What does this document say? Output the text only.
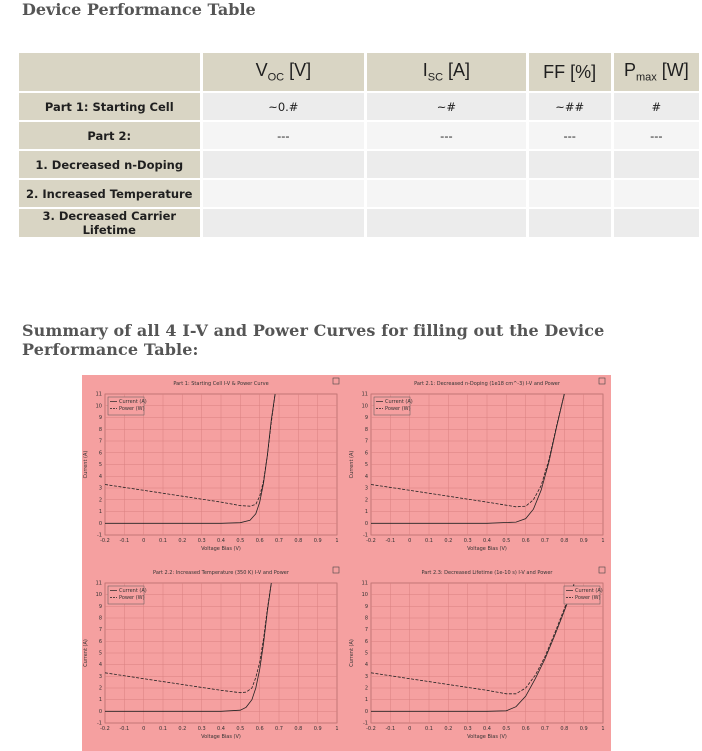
Device Performance Table
	$V_{OC}$ [V]	$I_{SC}$ [A]	FF [%]	$P_{max}$ [W]
Part 1: Starting Cell	~0.#	~#	~##	#
Part 2:	---	---	---	---
1. Decreased n-Doping				
2. Increased Temperature				
3. Decreased Carrier Lifetime				
Summary of all 4 I-V and Power Curves for filling out the Device Performance Table:
-0.2 -0.1	0	0.1 0.2 0.3 0.4 0.5 0.6 0.7 0.8 0.9	1
-1
0
1
2
3
4
5
6
7
8
9
10
11
Part 1: Starting Cell I-V & Power Curve
Voltage Bias (V)
Current (A)
Current (A)
Power (W)
-0.2 -0.1	0	0.1 0.2 0.3 0.4 0.5 0.6 0.7 0.8 0.9	1
-1
0
1
2
3
4
5
6
7
8
9
10
11
Part 2.1: Decreased n-Doping (1e18 cm^-3) I-V and Power
Voltage Bias (V)
Current (A)
Current (A)
Power (W)
-0.2 -0.1	0	0.1 0.2 0.3 0.4 0.5 0.6 0.7 0.8 0.9	1
-1
0
1
2
3
4
5
6
7
8
9
10
11
Part 2.2: Increased Temperature (350 K) I-V and Power
Voltage Bias (V)
Current (A)
Current (A)
Power (W)
-0.2 -0.1	0	0.1 0.2 0.3 0.4 0.5 0.6 0.7 0.8 0.9	1
-1
0
1
2
3
4
5
6
7
8
9
10
11
Part 2.3: Decreased Lifetime (1e-10 s) I-V and Power
Voltage Bias (V)
Current (A)
Current (A)
Power (W)
